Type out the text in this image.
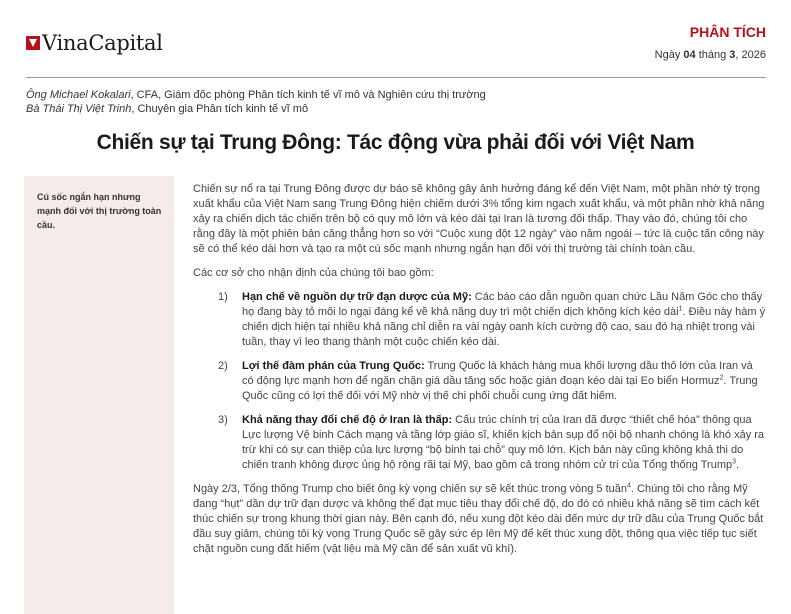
VinaCapital	PHÂN TÍCH
Ngày 04 tháng 3, 2026
Ông Michael Kokalari, CFA, Giám đốc phòng Phân tích kinh tế vĩ mô và Nghiên cứu thị trường
Bà Thái Thị Việt Trinh, Chuyên gia Phân tích kinh tế vĩ mô
Chiến sự tại Trung Đông: Tác động vừa phải đối với Việt Nam
Cú sốc ngắn hạn nhưng mạnh đối với thị trường toàn cầu.

Chiến sự nổ ra tại Trung Đông được dự báo sẽ không gây ảnh hưởng đáng kể đến Việt Nam, một phần nhờ tỷ trọng xuất khẩu của Việt Nam sang Trung Đông hiện chiếm dưới 3% tổng kim ngạch xuất khẩu, và một phần nhờ khả năng xảy ra chiến dịch tác chiến trên bộ có quy mô lớn và kéo dài tại Iran là tương đối thấp. Thay vào đó, chúng tôi cho rằng đây là một phiên bản căng thẳng hơn so với “Cuộc xung đột 12 ngày” vào năm ngoái – tức là cuộc tấn công này sẽ có thể kéo dài hơn và tạo ra một cú sốc mạnh nhưng ngắn hạn đối với thị trường tài chính toàn cầu.

Các cơ sở cho nhận định của chúng tôi bao gồm:

1) Hạn chế về nguồn dự trữ đạn dược của Mỹ: Các báo cáo dẫn nguồn quan chức Lầu Năm Góc cho thấy họ đang bày tỏ mối lo ngại đáng kể về khả năng duy trì một chiến dịch không kích kéo dài$^1$. Điều này hàm ý chiến dịch hiện tại nhiều khả năng chỉ diễn ra vài ngày oanh kích cường độ cao, sau đó hạ nhiệt trong vài tuần, thay vì leo thang thành một cuộc chiến kéo dài.
2) Lợi thế đàm phán của Trung Quốc: Trung Quốc là khách hàng mua khối lượng dầu thô lớn của Iran và có động lực mạnh hơn để ngăn chặn giá dầu tăng sốc hoặc gián đoạn kéo dài tại Eo biển Hormuz$^2$. Trung Quốc cũng có lợi thế đối với Mỹ nhờ vị thế chi phối chuỗi cung ứng đất hiếm.
3) Khả năng thay đổi chế độ ở Iran là thấp: Cấu trúc chính trị của Iran đã được “thiết chế hóa” thông qua Lực lượng Vệ binh Cách mạng và tầng lớp giáo sĩ, khiến kịch bản sụp đổ nội bộ nhanh chóng là khó xảy ra trừ khi có sự can thiệp của lực lượng “bộ binh tại chỗ” quy mô lớn. Kịch bản này cũng không khả thi do chiến tranh không được ủng hộ rộng rãi tại Mỹ, bao gồm cả trong nhóm cử tri của Tổng thống Trump$^3$.

Ngày 2/3, Tổng thống Trump cho biết ông kỳ vọng chiến sự sẽ kết thúc trong vòng 5 tuần$^4$. Chúng tôi cho rằng Mỹ đang “hụt” dần dự trữ đạn dược và không thể đạt mục tiêu thay đổi chế độ, do đó có nhiều khả năng sẽ tìm cách kết thúc chiến sự trong khung thời gian này. Bên cạnh đó, nếu xung đột kéo dài đến mức dự trữ dầu của Trung Quốc bắt đầu suy giảm, chúng tôi kỳ vọng Trung Quốc sẽ gây sức ép lên Mỹ để kết thúc xung đột, thông qua việc tiếp tục siết chặt nguồn cung đất hiếm (vật liệu mà Mỹ cần để sản xuất vũ khí).
